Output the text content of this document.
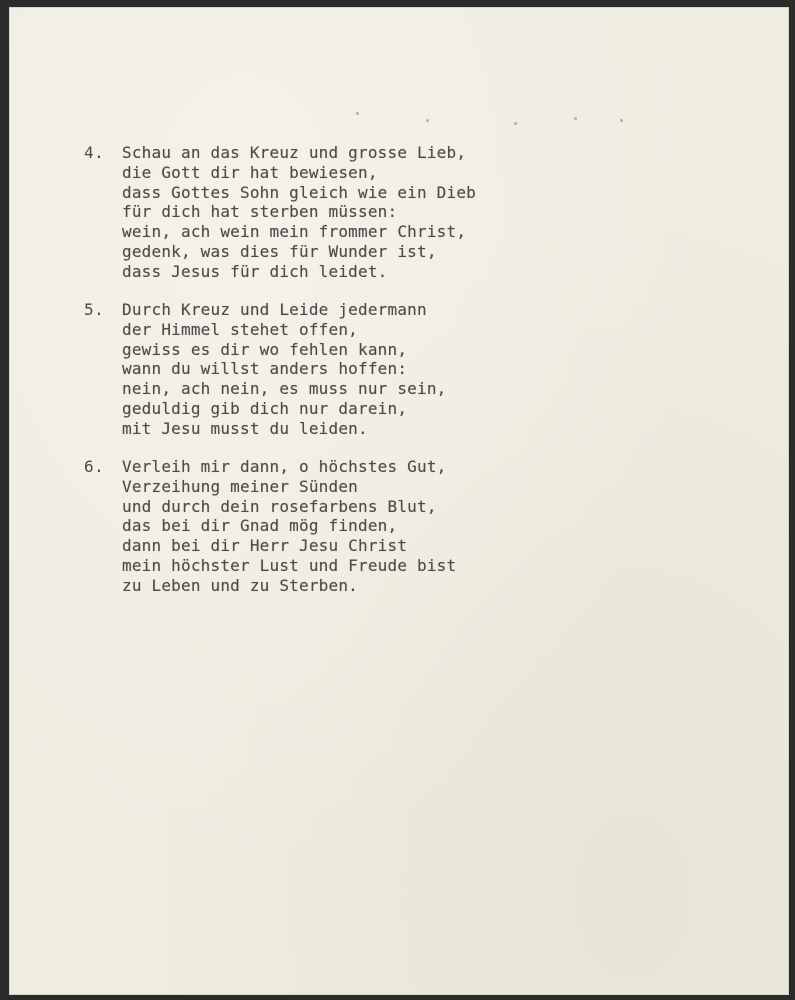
4. Schau an das Kreuz und grosse Lieb,
die Gott dir hat bewiesen,
dass Gottes Sohn gleich wie ein Dieb
für dich hat sterben müssen:
wein, ach wein mein frommer Christ,
gedenk, was dies für Wunder ist,
dass Jesus für dich leidet.
5. Durch Kreuz und Leide jedermann
der Himmel stehet offen,
gewiss es dir wo fehlen kann,
wann du willst anders hoffen:
nein, ach nein, es muss nur sein,
geduldig gib dich nur darein,
mit Jesu musst du leiden.
6. Verleih mir dann, o höchstes Gut,
Verzeihung meiner Sünden
und durch dein rosefarbens Blut,
das bei dir Gnad mög finden,
dann bei dir Herr Jesu Christ
mein höchster Lust und Freude bist
zu Leben und zu Sterben.
